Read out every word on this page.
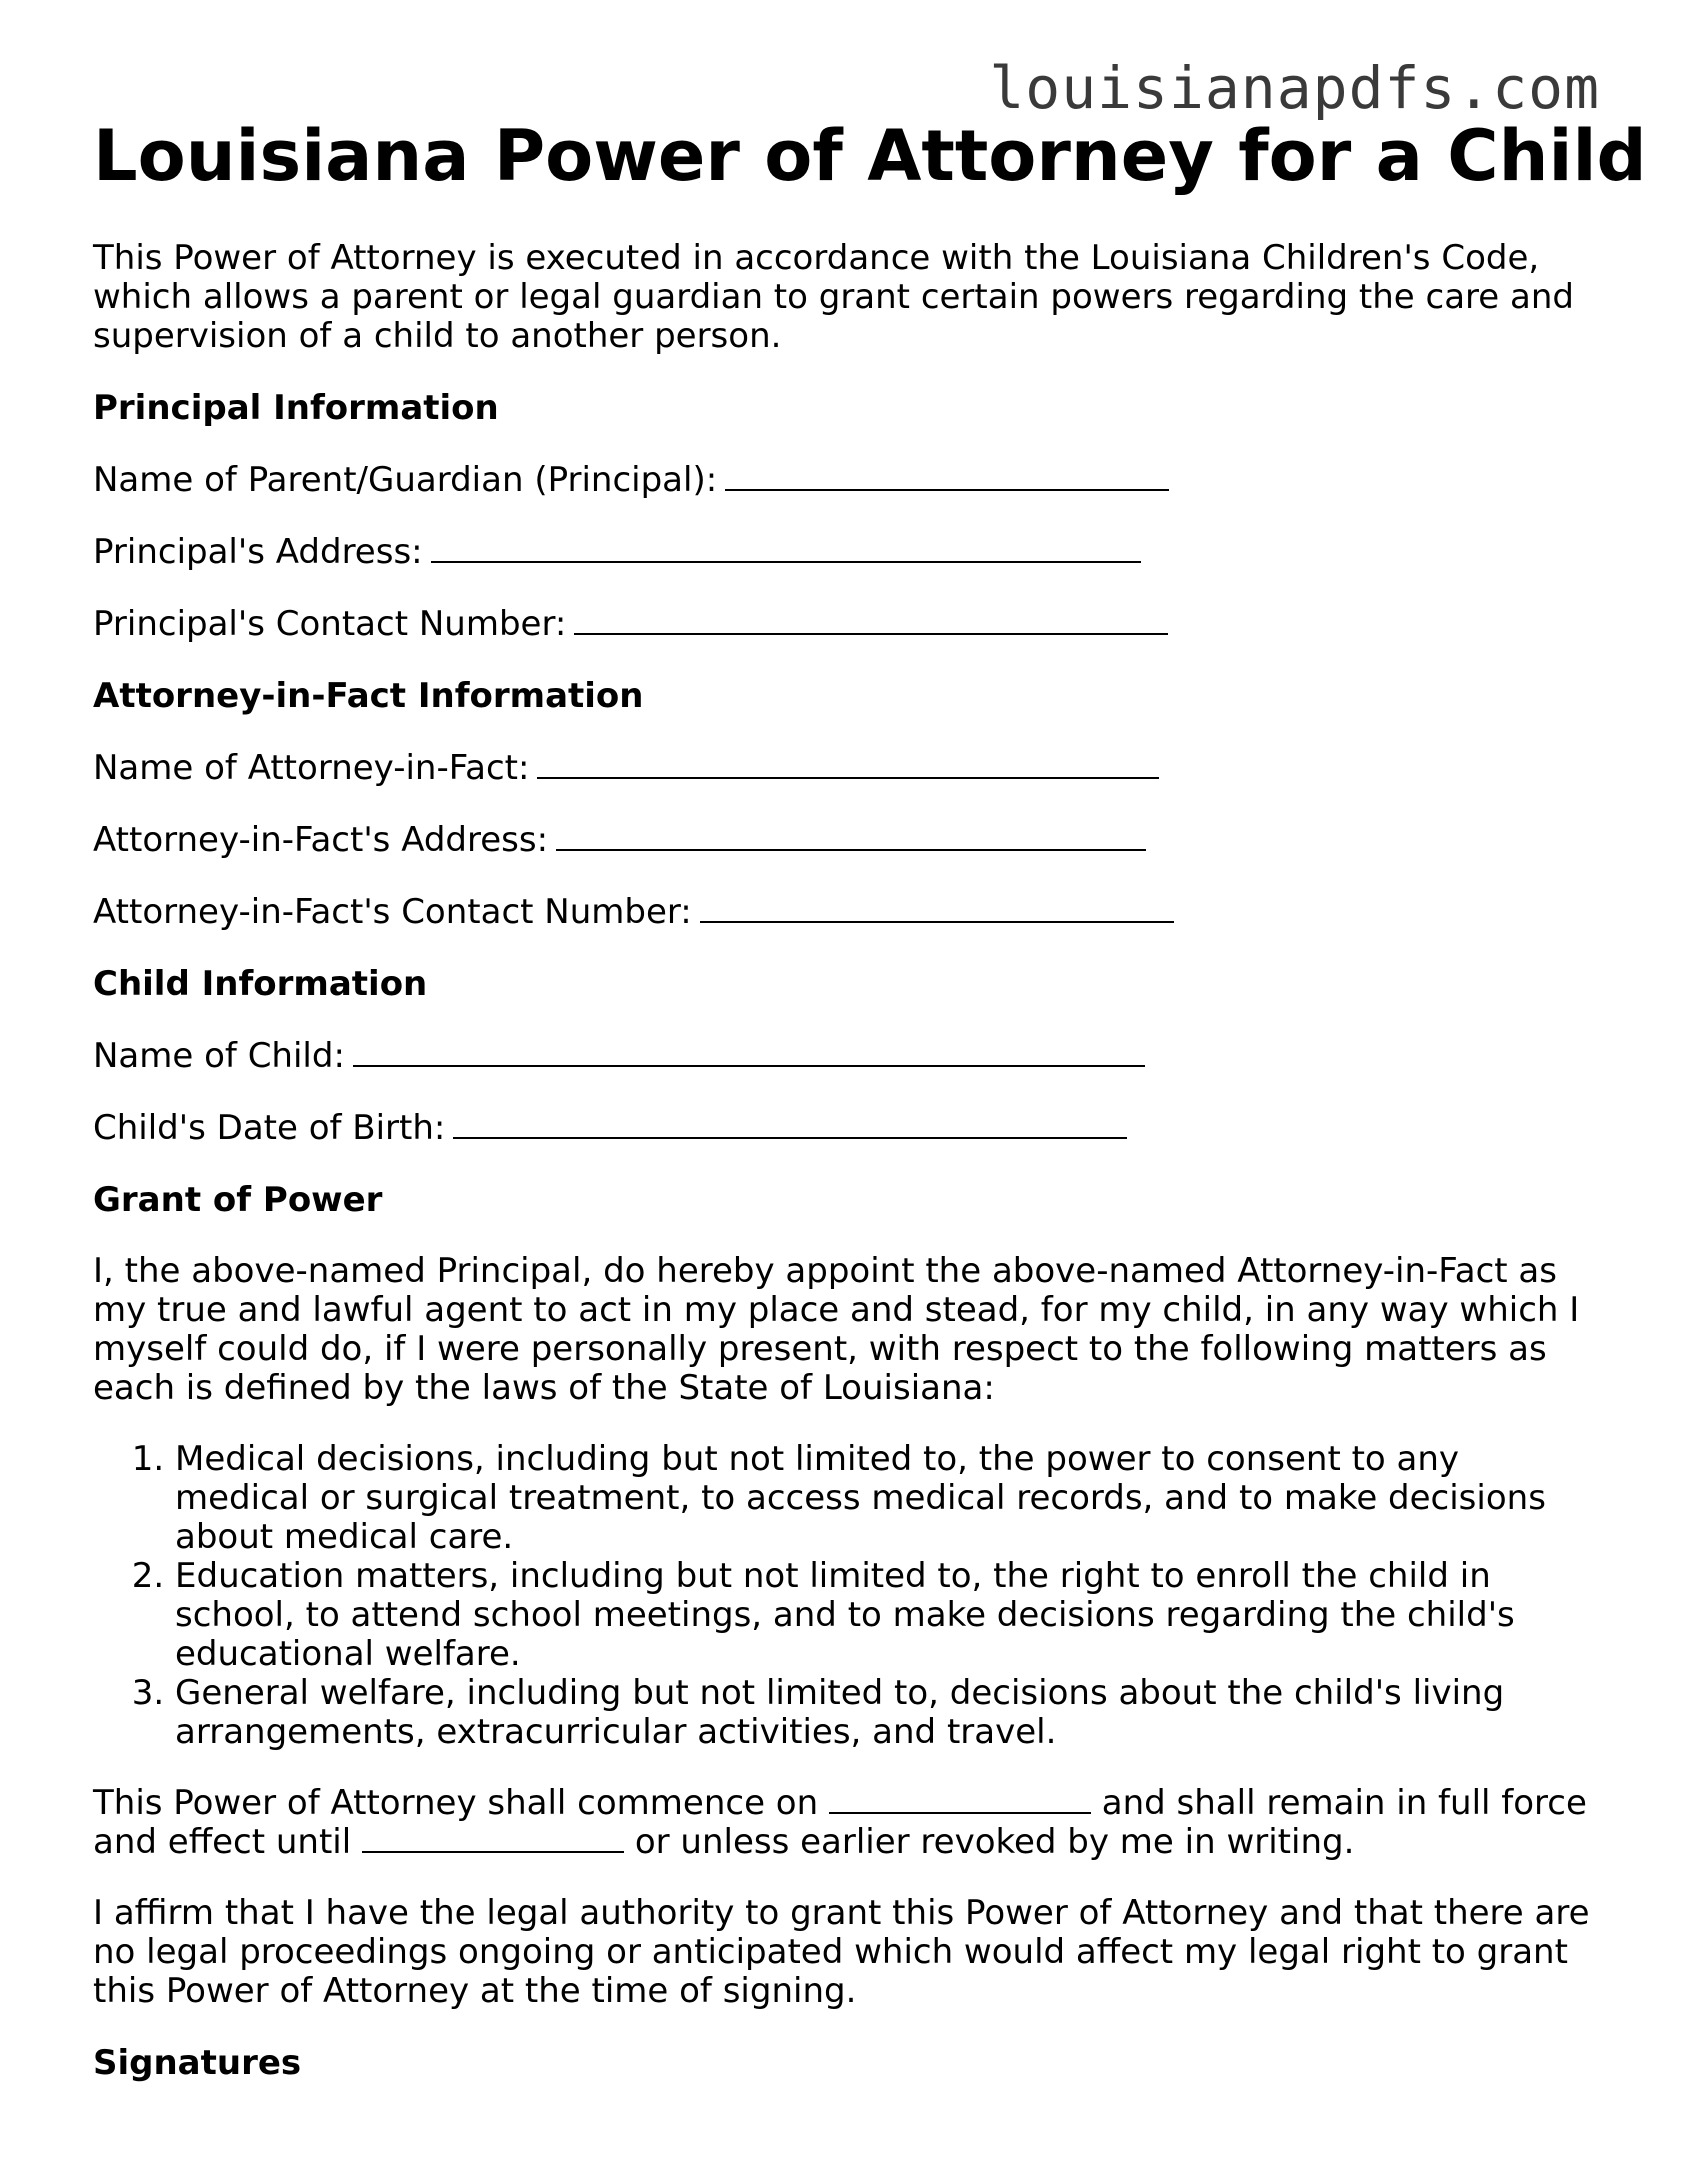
louisianapdfs.com
Louisiana Power of Attorney for a Child

This Power of Attorney is executed in accordance with the Louisiana Children's Code, which allows a parent or legal guardian to grant certain powers regarding the care and supervision of a child to another person.

Principal Information
Name of Parent/Guardian (Principal):
Principal's Address:
Principal's Contact Number:
Attorney-in-Fact Information
Name of Attorney-in-Fact:
Attorney-in-Fact's Address:
Attorney-in-Fact's Contact Number:
Child Information
Name of Child:
Child's Date of Birth:
Grant of Power

I, the above-named Principal, do hereby appoint the above-named Attorney-in-Fact as my true and lawful agent to act in my place and stead, for my child, in any way which I myself could do, if I were personally present, with respect to the following matters as each is defined by the laws of the State of Louisiana:

1. Medical decisions, including but not limited to, the power to consent to any medical or surgical treatment, to access medical records, and to make decisions about medical care.
2. Education matters, including but not limited to, the right to enroll the child in school, to attend school meetings, and to make decisions regarding the child's educational welfare.
3. General welfare, including but not limited to, decisions about the child's living arrangements, extracurricular activities, and travel.

This Power of Attorney shall commence on	and shall remain in full force and effect until	or unless earlier revoked by me in writing.

I affirm that I have the legal authority to grant this Power of Attorney and that there are no legal proceedings ongoing or anticipated which would affect my legal right to grant this Power of Attorney at the time of signing.

Signatures
